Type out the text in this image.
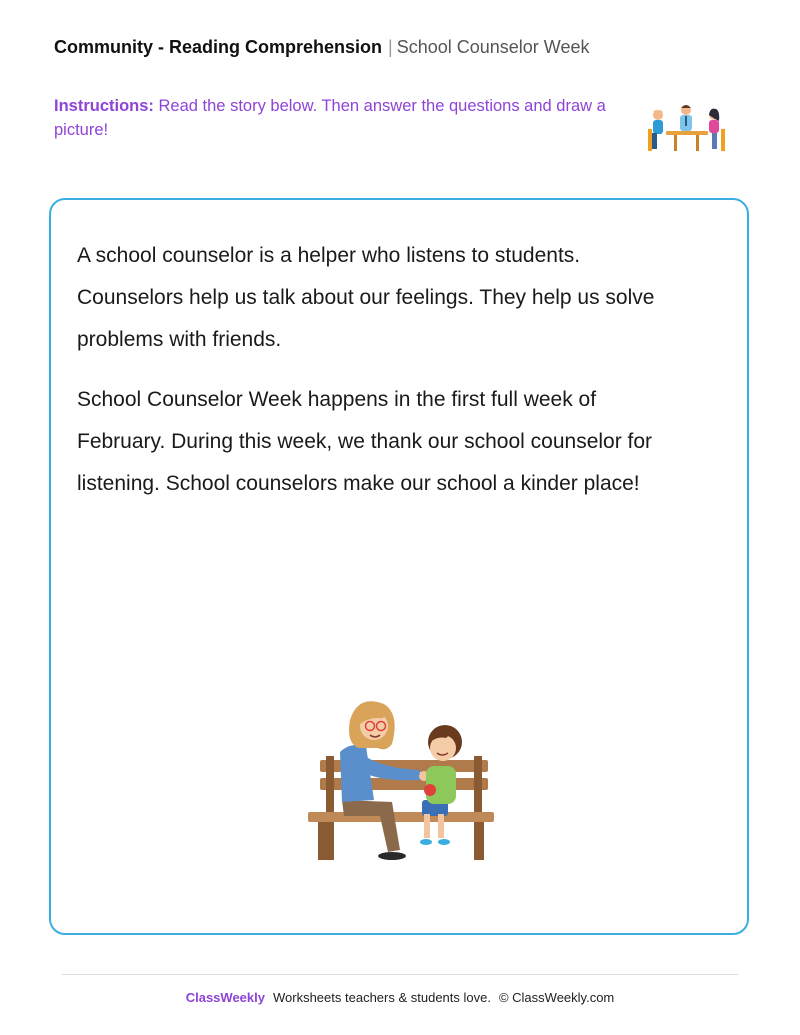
Community - Reading Comprehension | School Counselor Week
Instructions: Read the story below. Then answer the questions and draw a picture!

A school counselor is a helper who listens to students. Counselors help us talk about our feelings. They help us solve problems with friends.

School Counselor Week happens in the first full week of February. During this week, we thank our school counselor for listening. School counselors make our school a kinder place!

ClassWeekly Worksheets teachers & students love. © ClassWeekly.com
